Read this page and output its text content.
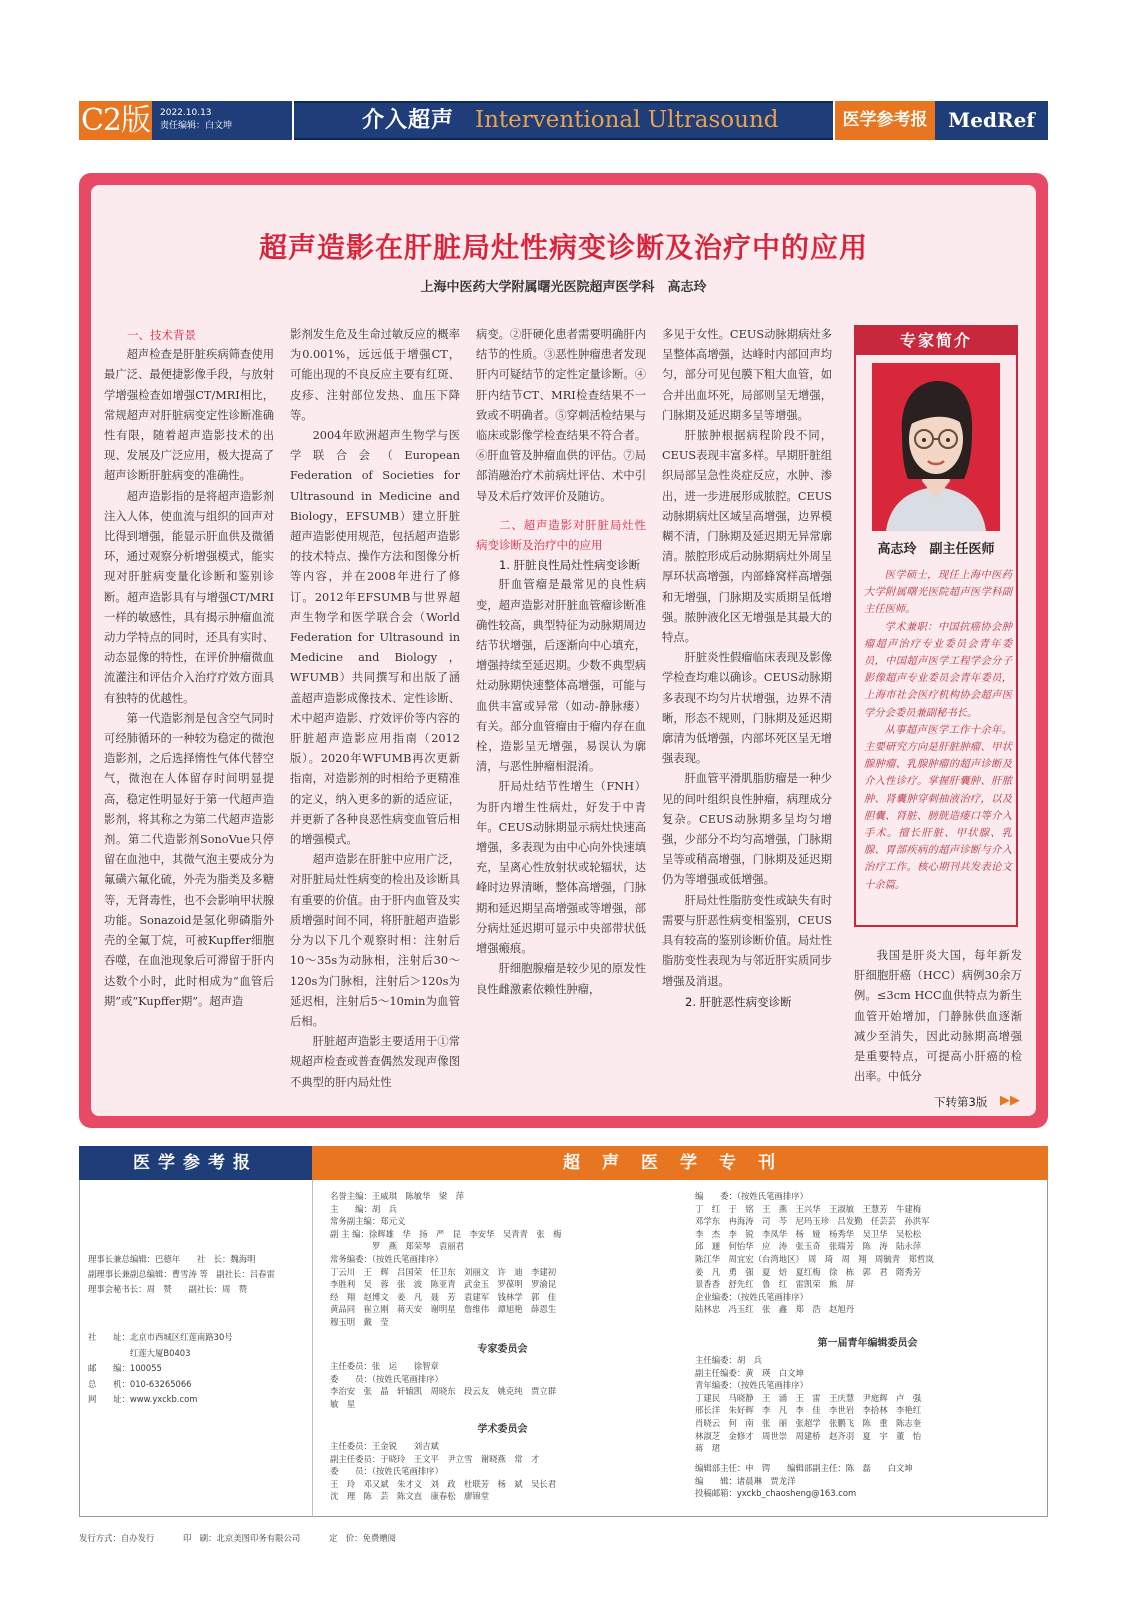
C2版 2022.10.13
责任编辑：白文坤	介入超声 Interventional Ultrasound	医学参考报	MedRef
超声造影在肝脏局灶性病变诊断及治疗中的应用
上海中医药大学附属曙光医院超声医学科　高志玲

一、技术背景

超声检查是肝脏疾病筛查使用最广泛、最便捷影像手段，与放射学增强检查如增强CT/MRI相比，常规超声对肝脏病变定性诊断准确性有限，随着超声造影技术的出现、发展及广泛应用，极大提高了超声诊断肝脏病变的准确性。

超声造影指的是将超声造影剂注入人体，使血流与组织的回声对比得到增强，能显示肝血供及微循环，通过观察分析增强模式，能实现对肝脏病变量化诊断和鉴别诊断。超声造影具有与增强CT/MRI一样的敏感性，具有揭示肿瘤血流动力学特点的同时，还具有实时、动态显像的特性，在评价肿瘤微血流灌注和评估介入治疗疗效方面具有独特的优越性。

第一代造影剂是包含空气同时可经肺循环的一种较为稳定的微泡造影剂，之后选择惰性气体代替空气，微泡在人体留存时间明显提高，稳定性明显好于第一代超声造影剂，将其称之为第二代超声造影剂。第二代造影剂SonoVue只停留在血池中，其微气泡主要成分为氟磺六氟化硫，外壳为脂类及多糖等，无肾毒性，也不会影响甲状腺功能。Sonazoid是氢化卵磷脂外壳的全氟丁烷，可被Kupffer细胞吞噬，在血池现象后可滞留于肝内达数个小时，此时相成为“血管后期”或“Kupffer期”。超声造

影剂发生危及生命过敏反应的概率为0.001%，远远低于增强CT，可能出现的不良反应主要有红斑、皮疹、注射部位发热、血压下降等。

2004年欧洲超声生物学与医学联合会（European Federation of Societies for Ultrasound in Medicine and Biology，EFSUMB）建立肝脏超声造影使用规范，包括超声造影的技术特点、操作方法和图像分析等内容，并在2008年进行了修订。2012年EFSUMB与世界超声生物学和医学联合会（World Federation for Ultrasound in Medicine and Biology，WFUMB）共同撰写和出版了涵盖超声造影成像技术、定性诊断、术中超声造影、疗效评价等内容的肝脏超声造影应用指南（2012版）。2020年WFUMB再次更新指南，对造影剂的时相给予更精准的定义，纳入更多的新的适应证，并更新了各种良恶性病变血管后相的增强模式。

超声造影在肝脏中应用广泛，对肝脏局灶性病变的检出及诊断具有重要的价值。由于肝内血管及实质增强时间不同，将肝脏超声造影分为以下几个观察时相：注射后10～35s为动脉相，注射后30～120s为门脉相，注射后＞120s为延迟相，注射后5～10min为血管后相。

肝脏超声造影主要适用于①常规超声检查或普查偶然发现声像图不典型的肝内局灶性

病变。②肝硬化患者需要明确肝内结节的性质。③恶性肿瘤患者发现肝内可疑结节的定性定量诊断。④肝内结节CT、MRI检查结果不一致或不明确者。⑤穿刺活检结果与临床或影像学检查结果不符合者。⑥肝血管及肿瘤血供的评估。⑦局部消融治疗术前病灶评估、术中引导及术后疗效评价及随访。

二、超声造影对肝脏局灶性病变诊断及治疗中的应用

1. 肝脏良性局灶性病变诊断

肝血管瘤是最常见的良性病变，超声造影对肝脏血管瘤诊断准确性较高，典型特征为动脉期周边结节状增强，后逐渐向中心填充，增强持续至延迟期。少数不典型病灶动脉期快速整体高增强，可能与血供丰富或异常（如动-静脉瘘）有关。部分血管瘤由于瘤内存在血栓，造影呈无增强，易误认为廓清，与恶性肿瘤相混淆。

肝局灶结节性增生（FNH）为肝内增生性病灶，好发于中青年。CEUS动脉期显示病灶快速高增强，多表现为由中心向外快速填充，呈离心性放射状或轮辐状，达峰时边界清晰，整体高增强，门脉期和延迟期呈高增强或等增强，部分病灶延迟期可显示中央部带状低增强瘢痕。

肝细胞腺瘤是较少见的原发性良性雌激素依赖性肿瘤，

多见于女性。CEUS动脉期病灶多呈整体高增强，达峰时内部回声均匀，部分可见包膜下粗大血管，如合并出血坏死，局部则呈无增强，门脉期及延迟期多呈等增强。

肝脓肿根据病程阶段不同，CEUS表现丰富多样。早期肝脏组织局部呈急性炎症反应，水肿、渗出，进一步进展形成脓腔。CEUS动脉期病灶区域呈高增强，边界模糊不清，门脉期及延迟期无异常廓清。脓腔形成后动脉期病灶外周呈厚环状高增强，内部蜂窝样高增强和无增强，门脉期及实质期呈低增强。脓肿液化区无增强是其最大的特点。

肝脏炎性假瘤临床表现及影像学检查均难以确诊。CEUS动脉期多表现不均匀片状增强，边界不清晰，形态不规则，门脉期及延迟期廓清为低增强，内部坏死区呈无增强表现。

肝血管平滑肌脂肪瘤是一种少见的间叶组织良性肿瘤，病理成分复杂。CEUS动脉期多呈均匀增强，少部分不均匀高增强，门脉期呈等或稍高增强，门脉期及延迟期仍为等增强或低增强。

肝局灶性脂肪变性或缺失有时需要与肝恶性病变相鉴别，CEUS具有较高的鉴别诊断价值。局灶性脂肪变性表现为与邻近肝实质同步增强及消退。

2. 肝脏恶性病变诊断

专家简介
高志玲　副主任医师

医学硕士，现任上海中医药大学附属曙光医院超声医学科副主任医师。

学术兼职：中国抗癌协会肿瘤超声治疗专业委员会青年委员，中国超声医学工程学会分子影像超声专业委员会青年委员，上海市社会医疗机构协会超声医学分会委员兼副秘书长。

从事超声医学工作十余年。主要研究方向是肝脏肿瘤、甲状腺肿瘤、乳腺肿瘤的超声诊断及介入性诊疗。掌握肝囊肿、肝脓肿、肾囊肿穿刺抽液治疗，以及胆囊、肾脏、膀胱造瘘口等介入手术。擅长肝脏、甲状腺、乳腺、胃部疾病的超声诊断与介入治疗工作。核心期刊共发表论文十余篇。

我国是肝炎大国，每年新发肝细胞肝癌（HCC）病例30余万例。≤3cm HCC血供特点为新生血管开始增加，门静脉供血逐渐减少至消失，因此动脉期高增强是重要特点，可提高小肝癌的检出率。中低分

下转第3版 ▶▶
医学参考报	超声医学专刊
理事长兼总编辑：巴德年　　社　长：魏海明
副理事长兼副总编辑：曹雪涛 等　副社长：吕春雷
理事会秘书长：周　赞　　副社长：周　赞
社　　址：北京市西城区红莲南路30号
　　　　　红莲大厦B0403
邮　　编：100055
总　　机：010-63265066
网　　址：www.yxckb.com
名誉主编：王威琪　陈敏华　梁　萍
主　　编：胡　兵
常务副主编：郑元义
副 主 编：徐辉雄　华　扬　严　昆　李安华　吴青青　张　梅
　　　　　罗　燕　郑荣琴　袁丽君
常务编委：（按姓氏笔画排序）
丁云川　王　辉　吕国荣　任卫东　刘丽文　许　迪　李建初
李胜利　吴　蓉　张　波　陈亚青　武金玉　罗葆明　罗渝昆
经　翔　赵博文　姜　凡　聂　芳　袁建军　钱林学　郭　佳
黄品同　崔立刚　蒋天安　谢明星　詹维伟　谭旭艳　薛恩生
穆玉明　戴　莹
专家委员会
主任委员：张　运　　徐智章
委　　员：（按姓氏笔画排序）
李治安　张　晶　轩辕凯　周晓东　段云友　姚克纯　贾立群
敏　星
学术委员会
主任委员：王金锐　　刘吉斌
副主任委员：于晓玲　王文平　尹立雪　谢晓燕　常　才
委　　员：（按姓氏笔画排序）
王　玲　邓又斌　朱才义　刘　政　杜联芳　杨　斌　吴长君
沈　理　陈　芸　陈文直　康春松　廖锦堂
编　　委：（按姓氏笔画排序）
丁　红　于　铭　王　燕　王兴华　王淑敏　王慧芳　牛建梅
邓学东　冉海涛　司　芩　尼玛玉珍　吕发勤　任芸芸　孙洪军
李　杰　李　锐　李凤华　杨　娅　杨秀华　吴卫华　吴松松
邱　逦　何怡华　应　涛　张玉奇　张瑞芳　陈　涛　陆永萍
陈江华　周宜宏（台湾地区）　周　琦　周　翔　周毓青　郑哲岚
姜　凡　勇　强　夏　焙　夏红梅　徐　栋　郭　君　隋秀芳
景香香　舒先红　鲁　红　雷凯荣　熊　屏
企业编委：（按姓氏笔画排序）
陆林忠　冯玉红　张　鑫　郑　浩　赵旭丹
第一届青年编辑委员会
主任编委：胡　兵
副主任编委：黄　瑛　白文坤
青年编委：（按姓氏笔画排序）
丁建民　马晓静　王　涌　王　雷　王庆慧　尹庭辉　卢　强
邢长洋　朱好辉　李　凡　李　佳　李世岩　李拾林　李艳红
肖晓云　何　南　张　丽　张超学　张鹏飞　陈　重　陈志奎
林淑芝　金修才　周世崇　周建桥　赵齐羽　夏　宇　董　怡
蒋　珺
编辑部主任：申　锷　　编辑部副主任：陈　磊　　白文坤
编　　辑：诸晨琳　贾龙洋
投稿邮箱：yxckb_chaosheng@163.com
发行方式：自办发行	印　刷：北京美图印务有限公司	定　价：免费赠阅
